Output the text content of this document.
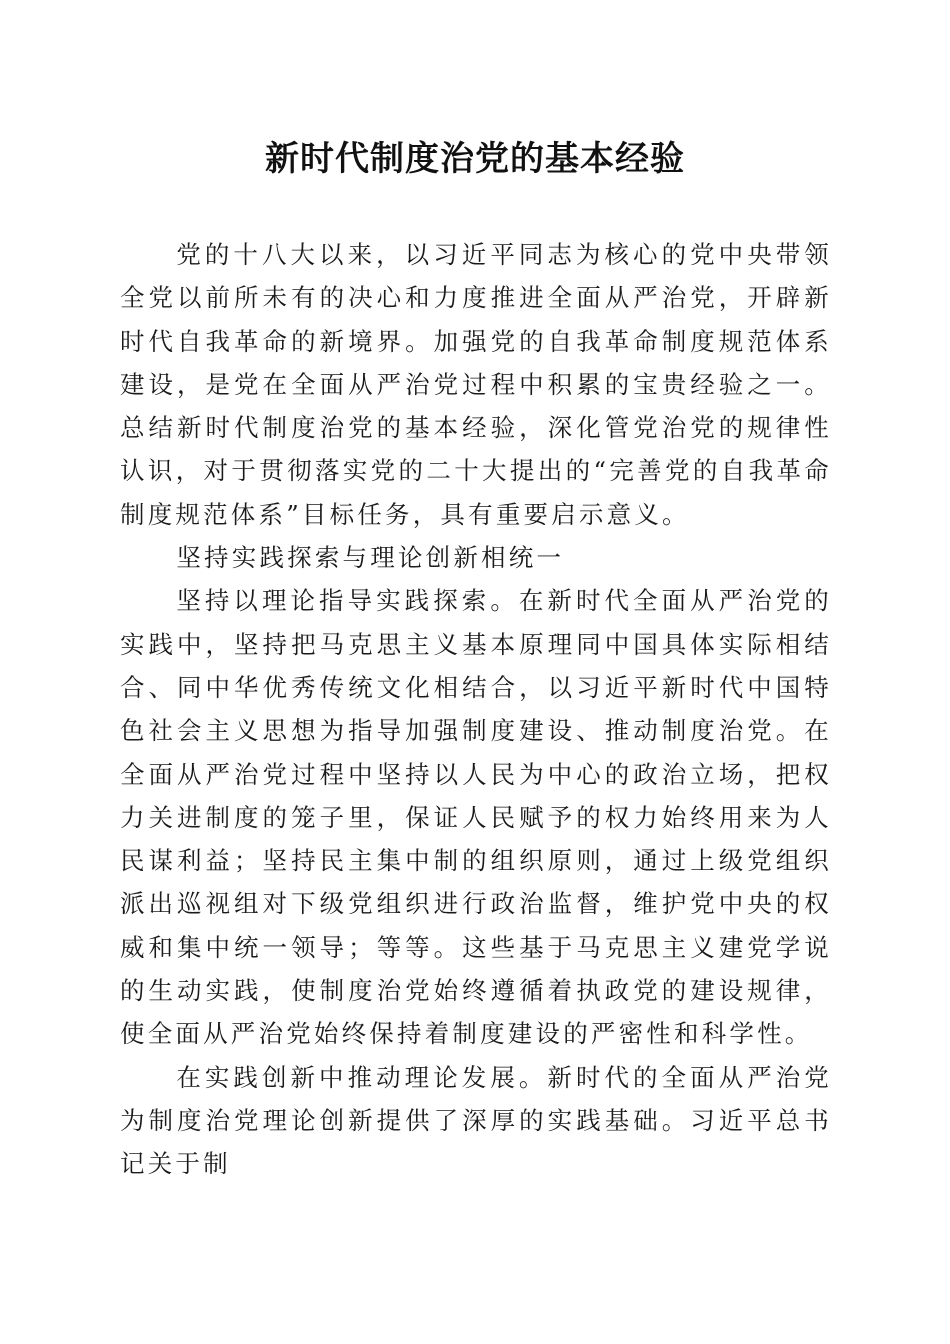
新时代制度治党的基本经验

党的十八大以来，以习近平同志为核心的党中央带领全党以前所未有的决心和力度推进全面从严治党，开辟新时代自我革命的新境界。加强党的自我革命制度规范体系建设，是党在全面从严治党过程中积累的宝贵经验之一。总结新时代制度治党的基本经验，深化管党治党的规律性认识，对于贯彻落实党的二十大提出的“完善党的自我革命制度规范体系”目标任务，具有重要启示意义。

坚持实践探索与理论创新相统一

坚持以理论指导实践探索。在新时代全面从严治党的实践中，坚持把马克思主义基本原理同中国具体实际相结合、同中华优秀传统文化相结合，以习近平新时代中国特色社会主义思想为指导加强制度建设、推动制度治党。在全面从严治党过程中坚持以人民为中心的政治立场，把权力关进制度的笼子里，保证人民赋予的权力始终用来为人民谋利益；坚持民主集中制的组织原则，通过上级党组织派出巡视组对下级党组织进行政治监督，维护党中央的权威和集中统一领导；等等。这些基于马克思主义建党学说的生动实践，使制度治党始终遵循着执政党的建设规律，使全面从严治党始终保持着制度建设的严密性和科学性。

在实践创新中推动理论发展。新时代的全面从严治党为制度治党理论创新提供了深厚的实践基础。习近平总书记关于制
